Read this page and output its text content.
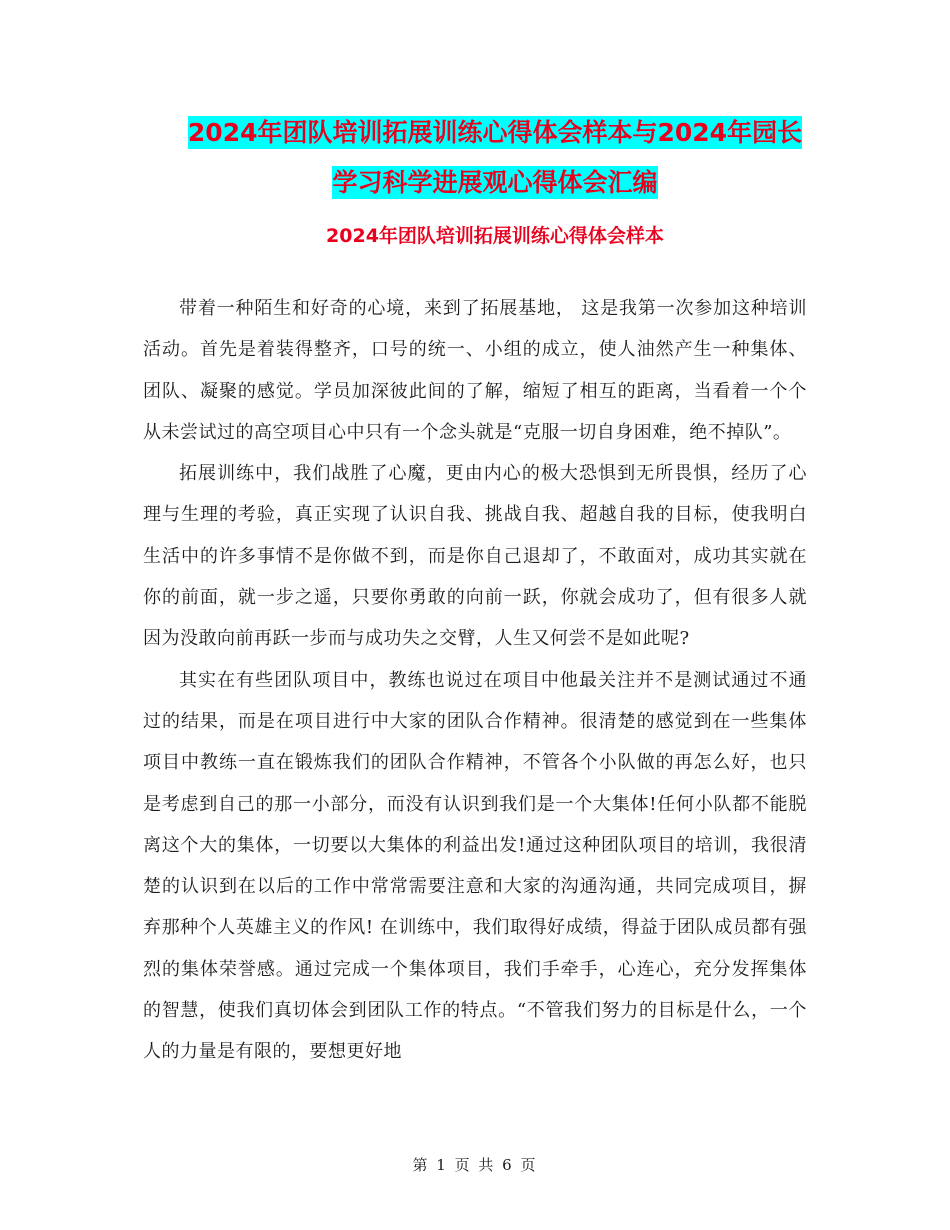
2024年团队培训拓展训练心得体会样本与2024年园长
学习科学进展观心得体会汇编
2024年团队培训拓展训练心得体会样本

带着一种陌生和好奇的心境，来到了拓展基地， 这是我第一次参加这种培训活动。首先是着装得整齐，口号的统一、小组的成立，使人油然产生一种集体、团队、凝聚的感觉。学员加深彼此间的了解，缩短了相互的距离，当看着一个个从未尝试过的高空项目心中只有一个念头就是“克服一切自身困难，绝不掉队”。

拓展训练中，我们战胜了心魔，更由内心的极大恐惧到无所畏惧，经历了心理与生理的考验，真正实现了认识自我、挑战自我、超越自我的目标，使我明白生活中的许多事情不是你做不到，而是你自己退却了，不敢面对，成功其实就在你的前面，就一步之遥，只要你勇敢的向前一跃，你就会成功了，但有很多人就因为没敢向前再跃一步而与成功失之交臂，人生又何尝不是如此呢?

其实在有些团队项目中，教练也说过在项目中他最关注并不是测试通过不通过的结果，而是在项目进行中大家的团队合作精神。很清楚的感觉到在一些集体项目中教练一直在锻炼我们的团队合作精神，不管各个小队做的再怎么好，也只是考虑到自己的那一小部分，而没有认识到我们是一个大集体!任何小队都不能脱离这个大的集体，一切要以大集体的利益出发!通过这种团队项目的培训，我很清楚的认识到在以后的工作中常常需要注意和大家的沟通沟通，共同完成项目，摒弃那种个人英雄主义的作风! 在训练中，我们取得好成绩，得益于团队成员都有强烈的集体荣誉感。通过完成一个集体项目，我们手牵手，心连心，充分发挥集体的智慧，使我们真切体会到团队工作的特点。“不管我们努力的目标是什么，一个人的力量是有限的，要想更好地

第 1 页 共 6 页
